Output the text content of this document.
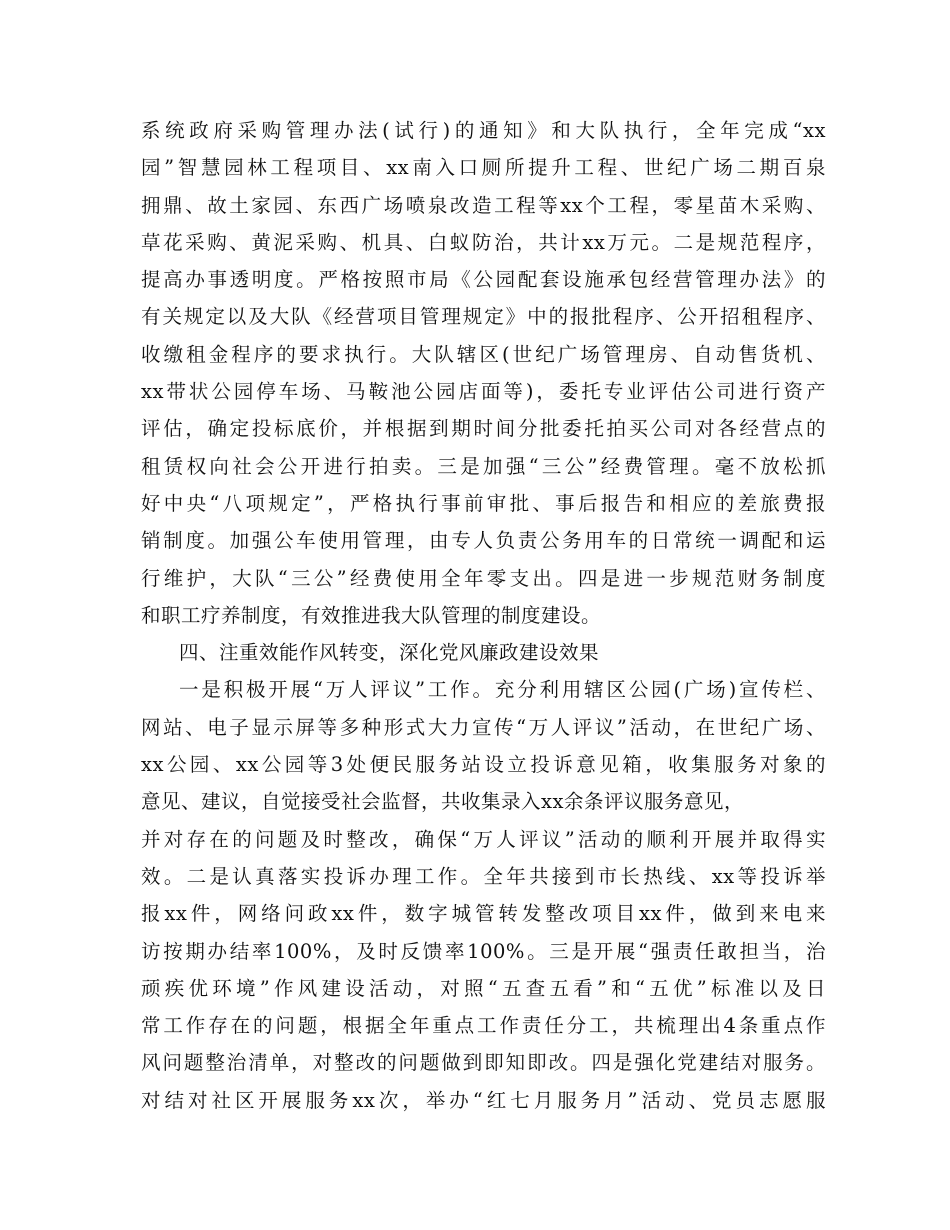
系统政府采购管理办法(试行)的通知》和大队执行，全年完成“xx
园”智慧园林工程项目、xx南入口厕所提升工程、世纪广场二期百泉
拥鼎、故土家园、东西广场喷泉改造工程等xx个工程，零星苗木采购、
草花采购、黄泥采购、机具、白蚁防治，共计xx万元。二是规范程序，
提高办事透明度。严格按照市局《公园配套设施承包经营管理办法》的
有关规定以及大队《经营项目管理规定》中的报批程序、公开招租程序、
收缴租金程序的要求执行。大队辖区(世纪广场管理房、自动售货机、
xx带状公园停车场、马鞍池公园店面等)，委托专业评估公司进行资产
评估，确定投标底价，并根据到期时间分批委托拍买公司对各经营点的
租赁权向社会公开进行拍卖。三是加强“三公”经费管理。毫不放松抓
好中央“八项规定”，严格执行事前审批、事后报告和相应的差旅费报
销制度。加强公车使用管理，由专人负责公务用车的日常统一调配和运
行维护，大队“三公”经费使用全年零支出。四是进一步规范财务制度
和职工疗养制度，有效推进我大队管理的制度建设。
四、注重效能作风转变，深化党风廉政建设效果
一是积极开展“万人评议”工作。充分利用辖区公园(广场)宣传栏、
网站、电子显示屏等多种形式大力宣传“万人评议”活动，在世纪广场、
xx公园、xx公园等3处便民服务站设立投诉意见箱，收集服务对象的
意见、建议，自觉接受社会监督，共收集录入xx余条评议服务意见，
并对存在的问题及时整改，确保“万人评议”活动的顺利开展并取得实
效。二是认真落实投诉办理工作。全年共接到市长热线、xx等投诉举
报xx件，网络问政xx件，数字城管转发整改项目xx件，做到来电来
访按期办结率100%，及时反馈率100%。三是开展“强责任敢担当，治
顽疾优环境”作风建设活动，对照“五查五看”和“五优”标准以及日
常工作存在的问题，根据全年重点工作责任分工，共梳理出4条重点作
风问题整治清单，对整改的问题做到即知即改。四是强化党建结对服务。
对结对社区开展服务xx次，举办“红七月服务月”活动、党员志愿服
